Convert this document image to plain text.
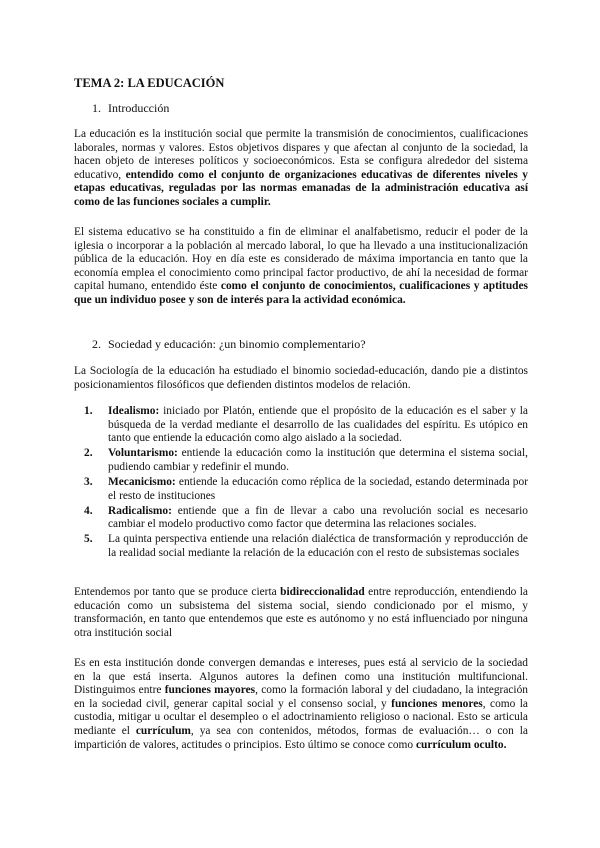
TEMA 2: LA EDUCACIÓN
1. Introducción
La educación es la institución social que permite la transmisión de conocimientos, cualificaciones laborales, normas y valores. Estos objetivos dispares y que afectan al conjunto de la sociedad, la hacen objeto de intereses políticos y socioeconómicos. Esta se configura alrededor del sistema educativo, entendido como el conjunto de organizaciones educativas de diferentes niveles y etapas educativas, reguladas por las normas emanadas de la administración educativa así como de las funciones sociales a cumplir.
El sistema educativo se ha constituido a fin de eliminar el analfabetismo, reducir el poder de la iglesia o incorporar a la población al mercado laboral, lo que ha llevado a una institucionalización pública de la educación. Hoy en día este es considerado de máxima importancia en tanto que la economía emplea el conocimiento como principal factor productivo, de ahí la necesidad de formar capital humano, entendido éste como el conjunto de conocimientos, cualificaciones y aptitudes que un individuo posee y son de interés para la actividad económica.
2. Sociedad y educación: ¿un binomio complementario?
La Sociología de la educación ha estudiado el binomio sociedad-educación, dando pie a distintos posicionamientos filosóficos que defienden distintos modelos de relación.
1. Idealismo: iniciado por Platón, entiende que el propósito de la educación es el saber y la búsqueda de la verdad mediante el desarrollo de las cualidades del espíritu. Es utópico en tanto que entiende la educación como algo aislado a la sociedad.
2. Voluntarismo: entiende la educación como la institución que determina el sistema social, pudiendo cambiar y redefinir el mundo.
3. Mecanicismo: entiende la educación como réplica de la sociedad, estando determinada por el resto de instituciones
4. Radicalismo: entiende que a fin de llevar a cabo una revolución social es necesario cambiar el modelo productivo como factor que determina las relaciones sociales.
5. La quinta perspectiva entiende una relación dialéctica de transformación y reproducción de la realidad social mediante la relación de la educación con el resto de subsistemas sociales
Entendemos por tanto que se produce cierta bidireccionalidad entre reproducción, entendiendo la educación como un subsistema del sistema social, siendo condicionado por el mismo, y transformación, en tanto que entendemos que este es autónomo y no está influenciado por ninguna otra institución social
Es en esta institución donde convergen demandas e intereses, pues está al servicio de la sociedad en la que está inserta. Algunos autores la definen como una institución multifuncional. Distinguimos entre funciones mayores, como la formación laboral y del ciudadano, la integración en la sociedad civil, generar capital social y el consenso social, y funciones menores, como la custodia, mitigar u ocultar el desempleo o el adoctrinamiento religioso o nacional. Esto se articula mediante el currículum, ya sea con contenidos, métodos, formas de evaluación… o con la impartición de valores, actitudes o principios. Esto último se conoce como currículum oculto.
